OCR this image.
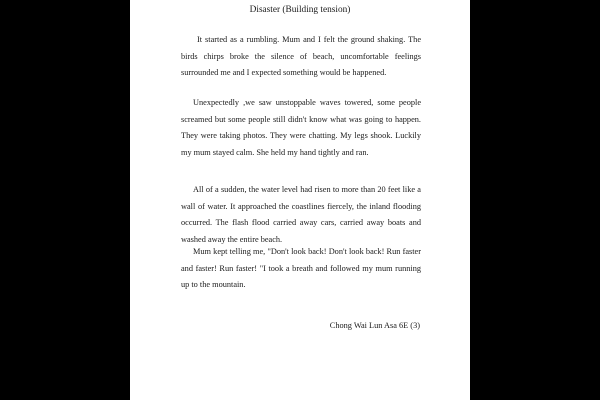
Disaster (Building tension)

It started as a rumbling. Mum and I felt the ground shaking. The birds chirps broke the silence of beach, uncomfortable feelings surrounded me and I expected something would be happened.

Unexpectedly ,we saw unstoppable waves towered, some people screamed but some people still didn't know what was going to happen. They were taking photos. They were chatting. My legs shook. Luckily my mum stayed calm. She held my hand tightly and ran.

All of a sudden, the water level had risen to more than 20 feet like a wall of water. It approached the coastlines fiercely, the inland flooding occurred. The flash flood carried away cars, carried away boats and washed away the entire beach.

Mum kept telling me, "Don't look back! Don't look back! Run faster and faster! Run faster! "I took a breath and followed my mum running up to the mountain.

Chong Wai Lun Asa 6E (3)
